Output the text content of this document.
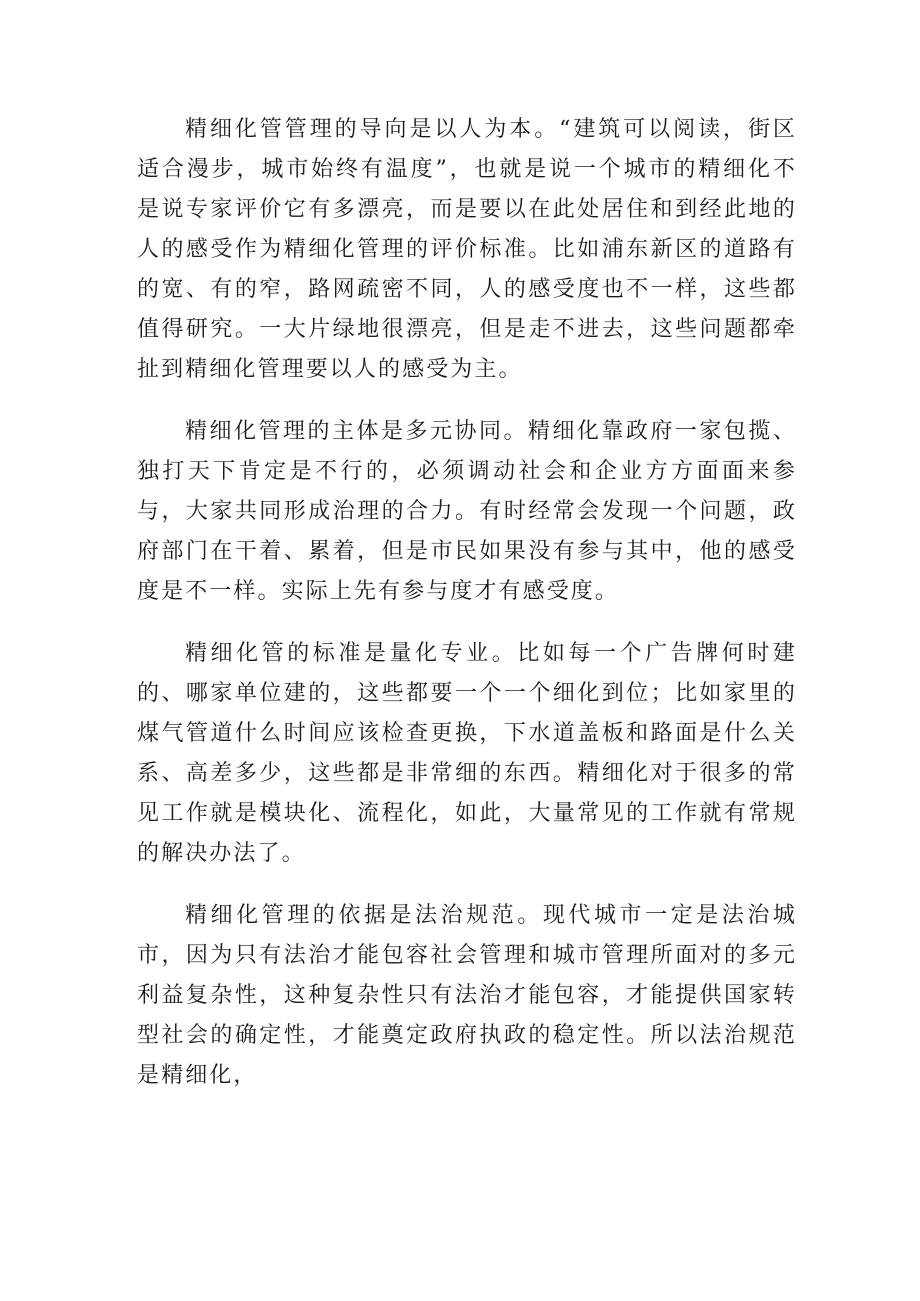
精细化管管理的导向是以人为本。“建筑可以阅读，街区适合漫步，城市始终有温度”，也就是说一个城市的精细化不是说专家评价它有多漂亮，而是要以在此处居住和到经此地的人的感受作为精细化管理的评价标准。比如浦东新区的道路有的宽、有的窄，路网疏密不同，人的感受度也不一样，这些都值得研究。一大片绿地很漂亮，但是走不进去，这些问题都牵扯到精细化管理要以人的感受为主。

精细化管理的主体是多元协同。精细化靠政府一家包揽、独打天下肯定是不行的，必须调动社会和企业方方面面来参与，大家共同形成治理的合力。有时经常会发现一个问题，政府部门在干着、累着，但是市民如果没有参与其中，他的感受度是不一样。实际上先有参与度才有感受度。

精细化管的标准是量化专业。比如每一个广告牌何时建的、哪家单位建的，这些都要一个一个细化到位；比如家里的煤气管道什么时间应该检查更换，下水道盖板和路面是什么关系、高差多少，这些都是非常细的东西。精细化对于很多的常见工作就是模块化、流程化，如此，大量常见的工作就有常规的解决办法了。

精细化管理的依据是法治规范。现代城市一定是法治城市，因为只有法治才能包容社会管理和城市管理所面对的多元利益复杂性，这种复杂性只有法治才能包容，才能提供国家转型社会的确定性，才能奠定政府执政的稳定性。所以法治规范是精细化，
